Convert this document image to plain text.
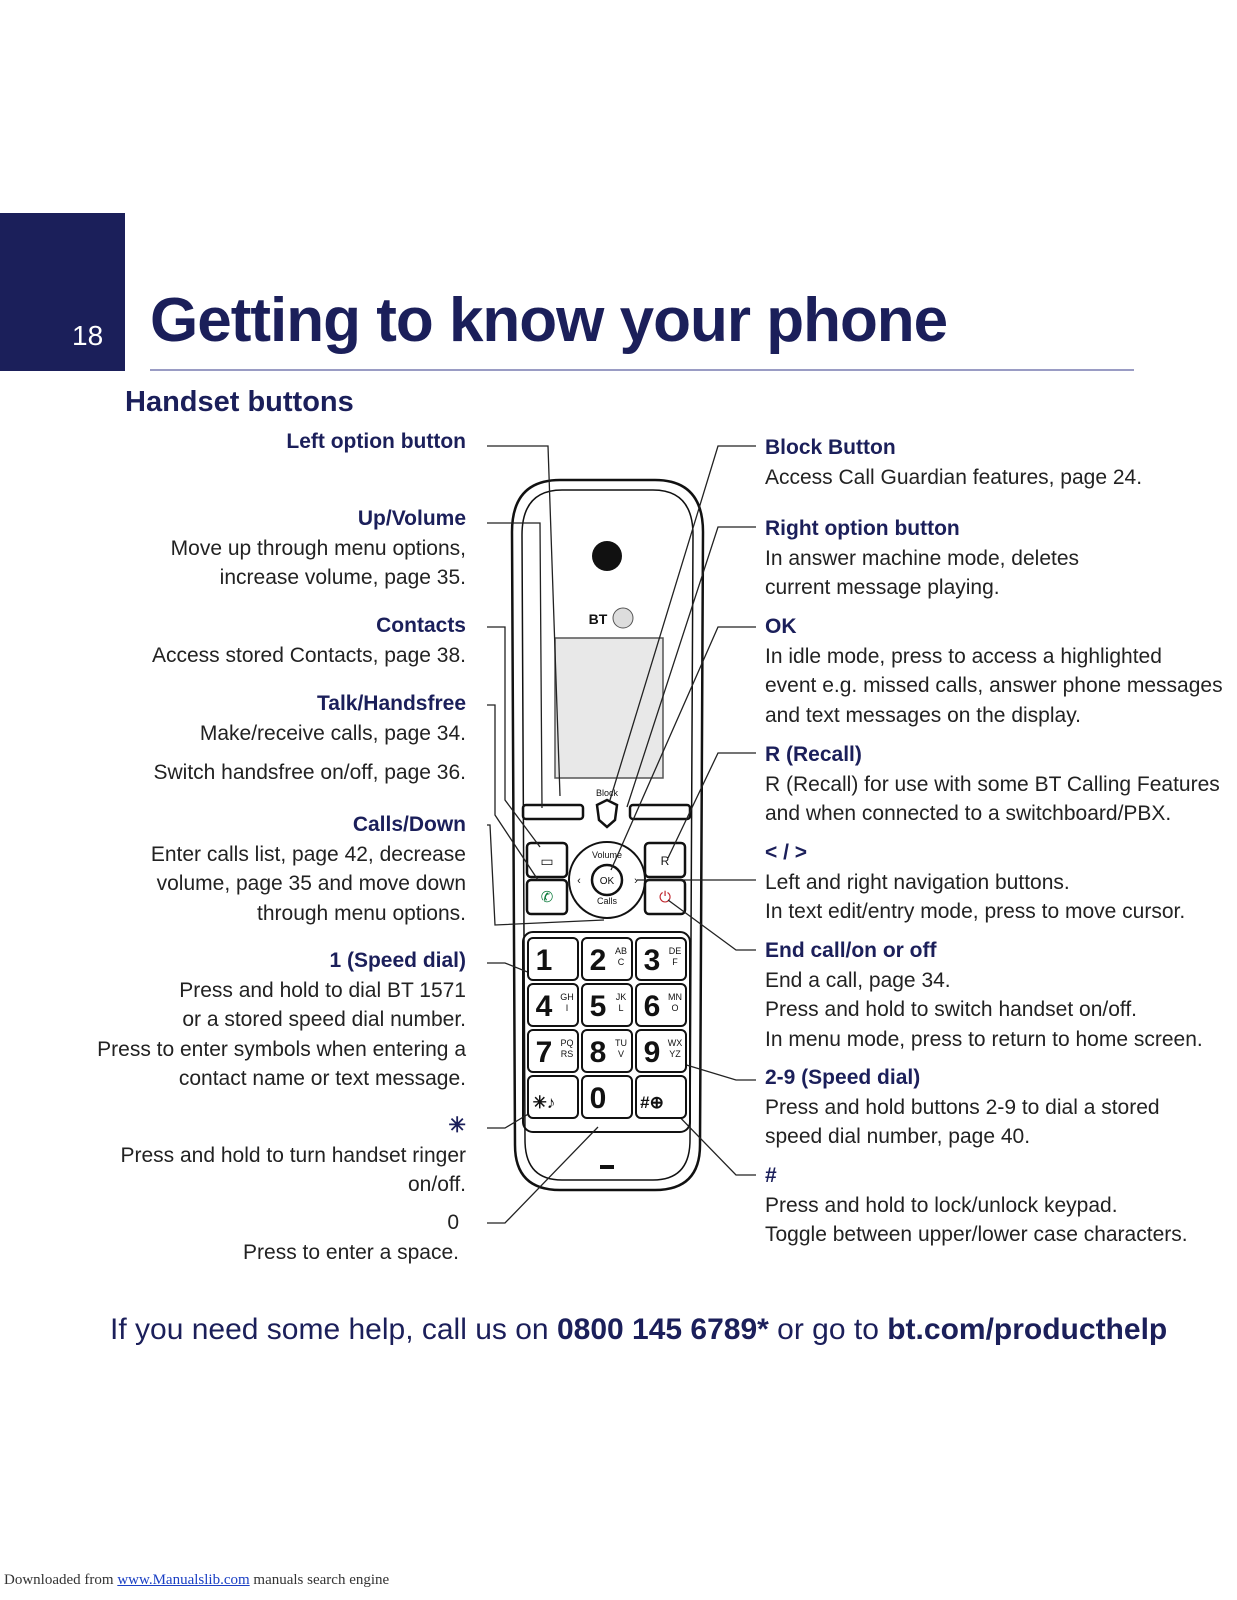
18 Getting to know your phone
Handset buttons
Left option button
Up/Volume
Move up through menu options,
increase volume, page 35.
Contacts
Access stored Contacts, page 38.
Talk/Handsfree
Make/receive calls, page 34.
Switch handsfree on/off, page 36.
Calls/Down
Enter calls list, page 42, decrease
volume, page 35 and move down
through menu options.
1 (Speed dial)
Press and hold to dial BT 1571
or a stored speed dial number.
Press to enter symbols when entering a
contact name or text message.
✳
Press and hold to turn handset ringer
on/off.
0
Press to enter a space.
Block Button
Access Call Guardian features, page 24.
Right option button
In answer machine mode, deletes
current message playing.
OK
In idle mode, press to access a highlighted
event e.g. missed calls, answer phone messages
and text messages on the display.
R (Recall)
R (Recall) for use with some BT Calling Features
and when connected to a switchboard/PBX.
< / >
Left and right navigation buttons.
In text edit/entry mode, press to move cursor.
End call/on or off
End a call, page 34.
Press and hold to switch handset on/off.
In menu mode, press to return to home screen.
2-9 (Speed dial)
Press and hold buttons 2-9 to dial a stored
speed dial number, page 40.
#
Press and hold to lock/unlock keypad.
Toggle between upper/lower case characters.
BT
Block
Volume
Calls
OK
R
‹	›
▭
✆	⏻
1 2 AB
C 3 DE
F
4 GH
I 5 JK
L 6 MN
O
7 PQ
RS 8 TU
V 9 WX
YZ
✳♪ 0 #⊕
If you need some help, call us on 0800 145 6789* or go to bt.com/producthelp
Downloaded from www.Manualslib.com manuals search engine
